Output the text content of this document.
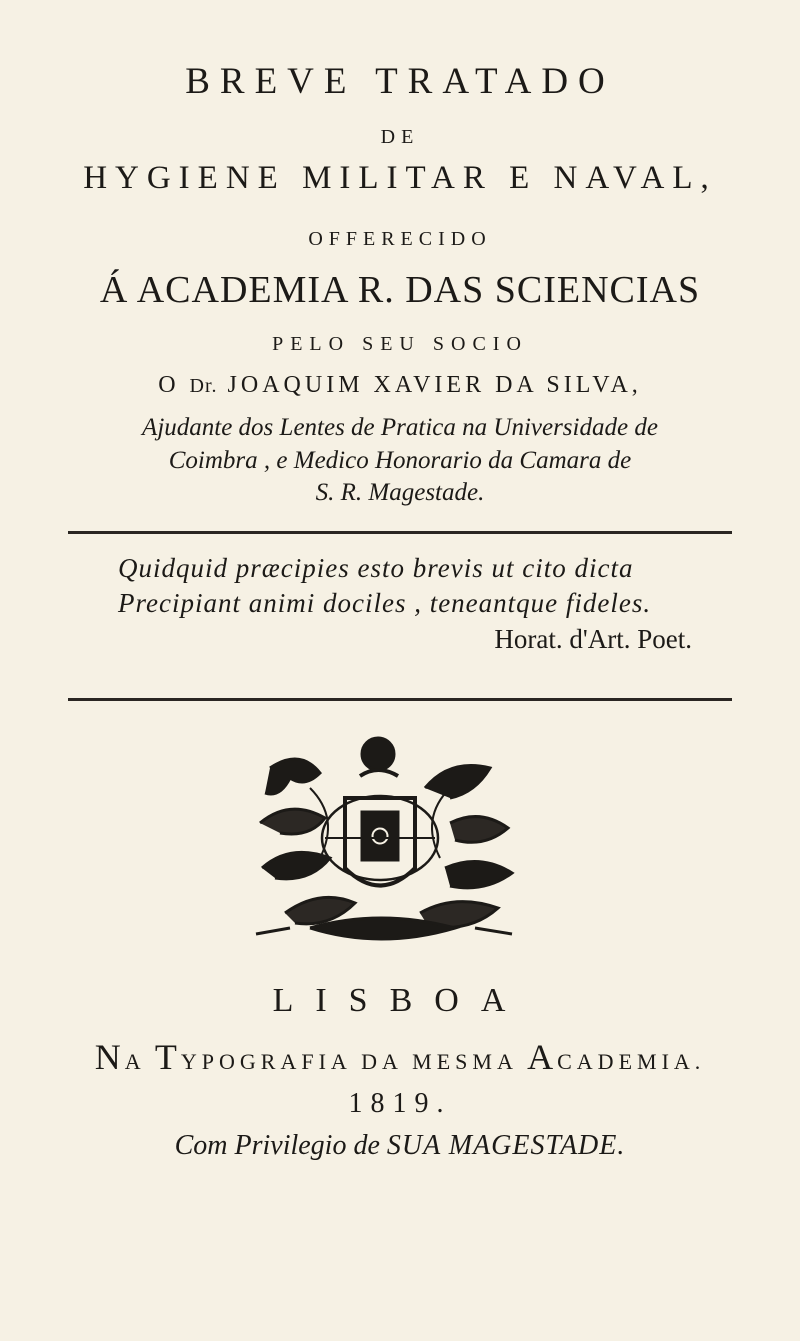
BREVE TRATADO
DE
HYGIENE MILITAR E NAVAL,
OFFERECIDO
Á ACADEMIA R. DAS SCIENCIAS
PELO SEU SOCIO
O Dr. JOAQUIM XAVIER DA SILVA,
Ajudante dos Lentes de Pratica na Universidade de
Coimbra , e Medico Honorario da Camara de
S. R. Magestade.
Quidquid præcipies esto brevis ut cito dicta
Precipiant animi dociles , teneantque fideles.
Horat. d'Art. Poet.
LISBOA
NA TYPOGRAFIA DA MESMA ACADEMIA.
1819.
Com Privilegio de SUA MAGESTADE.
